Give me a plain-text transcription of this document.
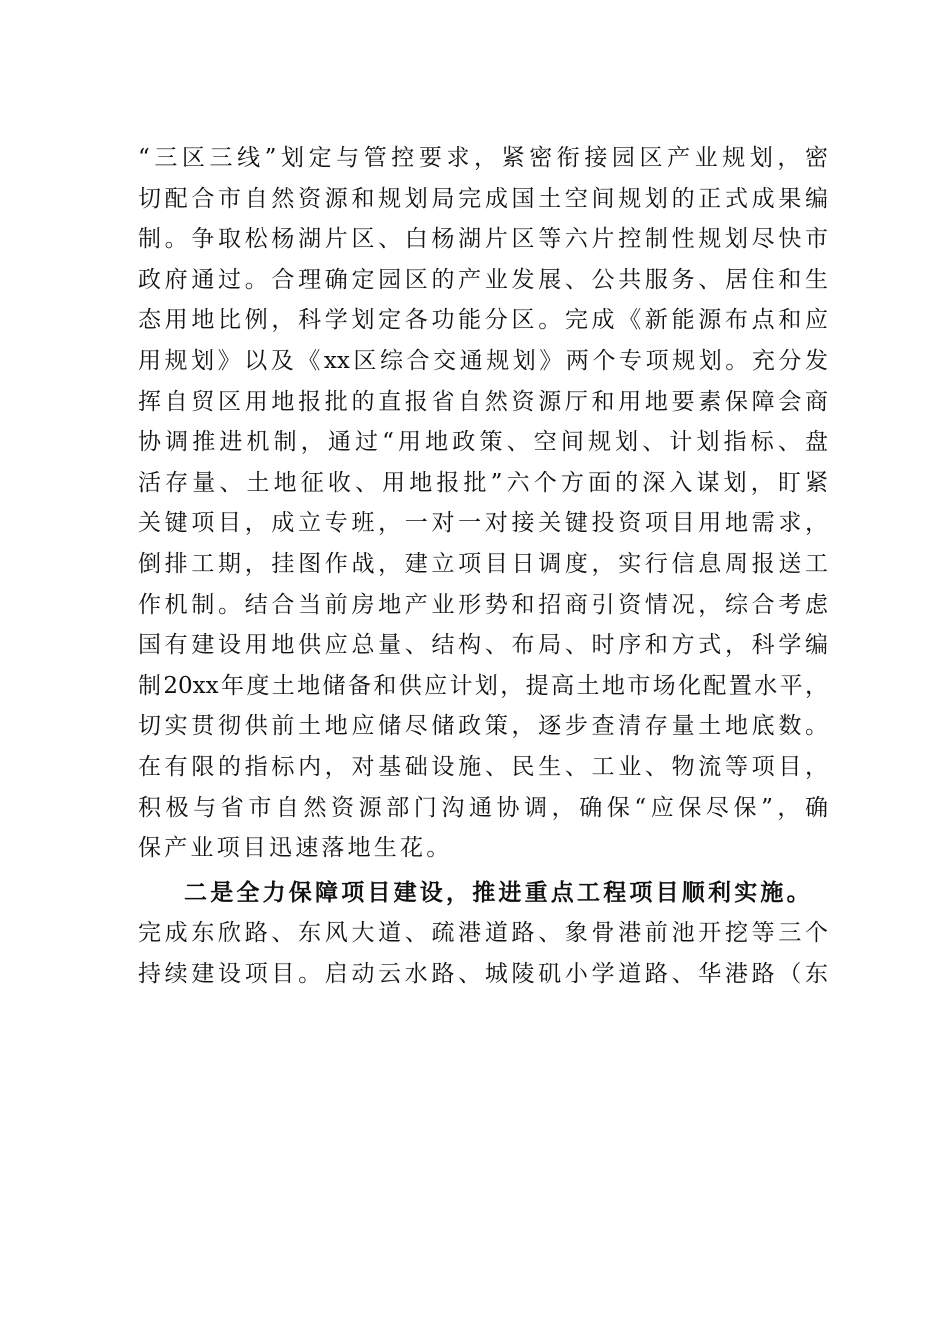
“三区三线”划定与管控要求，紧密衔接园区产业规划，密
切配合市自然资源和规划局完成国土空间规划的正式成果编
制。争取松杨湖片区、白杨湖片区等六片控制性规划尽快市
政府通过。合理确定园区的产业发展、公共服务、居住和生
态用地比例，科学划定各功能分区。完成《新能源布点和应
用规划》以及《xx区综合交通规划》两个专项规划。充分发
挥自贸区用地报批的直报省自然资源厅和用地要素保障会商
协调推进机制，通过“用地政策、空间规划、计划指标、盘
活存量、土地征收、用地报批”六个方面的深入谋划，盯紧
关键项目，成立专班，一对一对接关键投资项目用地需求，
倒排工期，挂图作战，建立项目日调度，实行信息周报送工
作机制。结合当前房地产业形势和招商引资情况，综合考虑
国有建设用地供应总量、结构、布局、时序和方式，科学编
制20xx年度土地储备和供应计划，提高土地市场化配置水平，
切实贯彻供前土地应储尽储政策，逐步查清存量土地底数。
在有限的指标内，对基础设施、民生、工业、物流等项目，
积极与省市自然资源部门沟通协调，确保“应保尽保”，确
保产业项目迅速落地生花。
二是全力保障项目建设，推进重点工程项目顺利实施。
完成东欣路、东风大道、疏港道路、象骨港前池开挖等三个
持续建设项目。启动云水路、城陵矶小学道路、华港路（东
